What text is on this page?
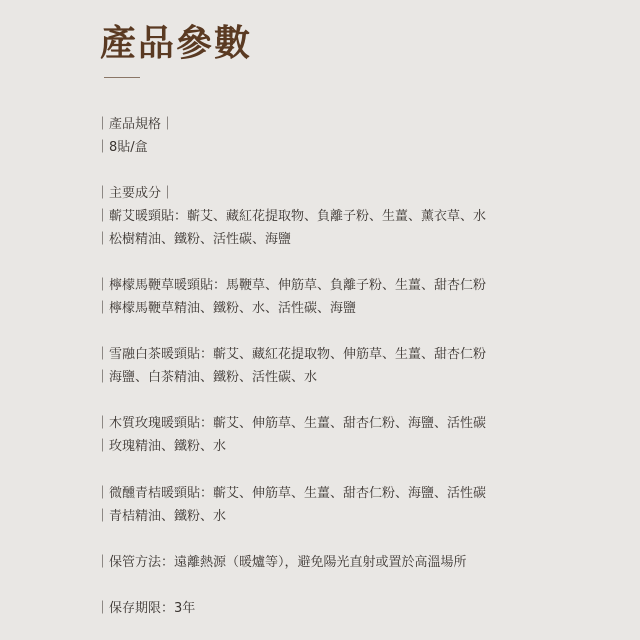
產品參數
｜產品規格｜
｜8貼/盒
｜主要成分｜
｜蘄艾暖頸貼：蘄艾、藏紅花提取物、負離子粉、生薑、薰衣草、水
｜松樹精油、鐵粉、活性碳、海鹽
｜檸檬馬鞭草暖頸貼：馬鞭草、伸筋草、負離子粉、生薑、甜杏仁粉
｜檸檬馬鞭草精油、鐵粉、水、活性碳、海鹽
｜雪融白茶暖頸貼：蘄艾、藏紅花提取物、伸筋草、生薑、甜杏仁粉
｜海鹽、白茶精油、鐵粉、活性碳、水
｜木質玫瑰暖頸貼：蘄艾、伸筋草、生薑、甜杏仁粉、海鹽、活性碳
｜玫瑰精油、鐵粉、水
｜微醺青桔暖頸貼：蘄艾、伸筋草、生薑、甜杏仁粉、海鹽、活性碳
｜青桔精油、鐵粉、水
｜保管方法：遠離熱源（暖爐等），避免陽光直射或置於高溫場所
｜保存期限：3年
